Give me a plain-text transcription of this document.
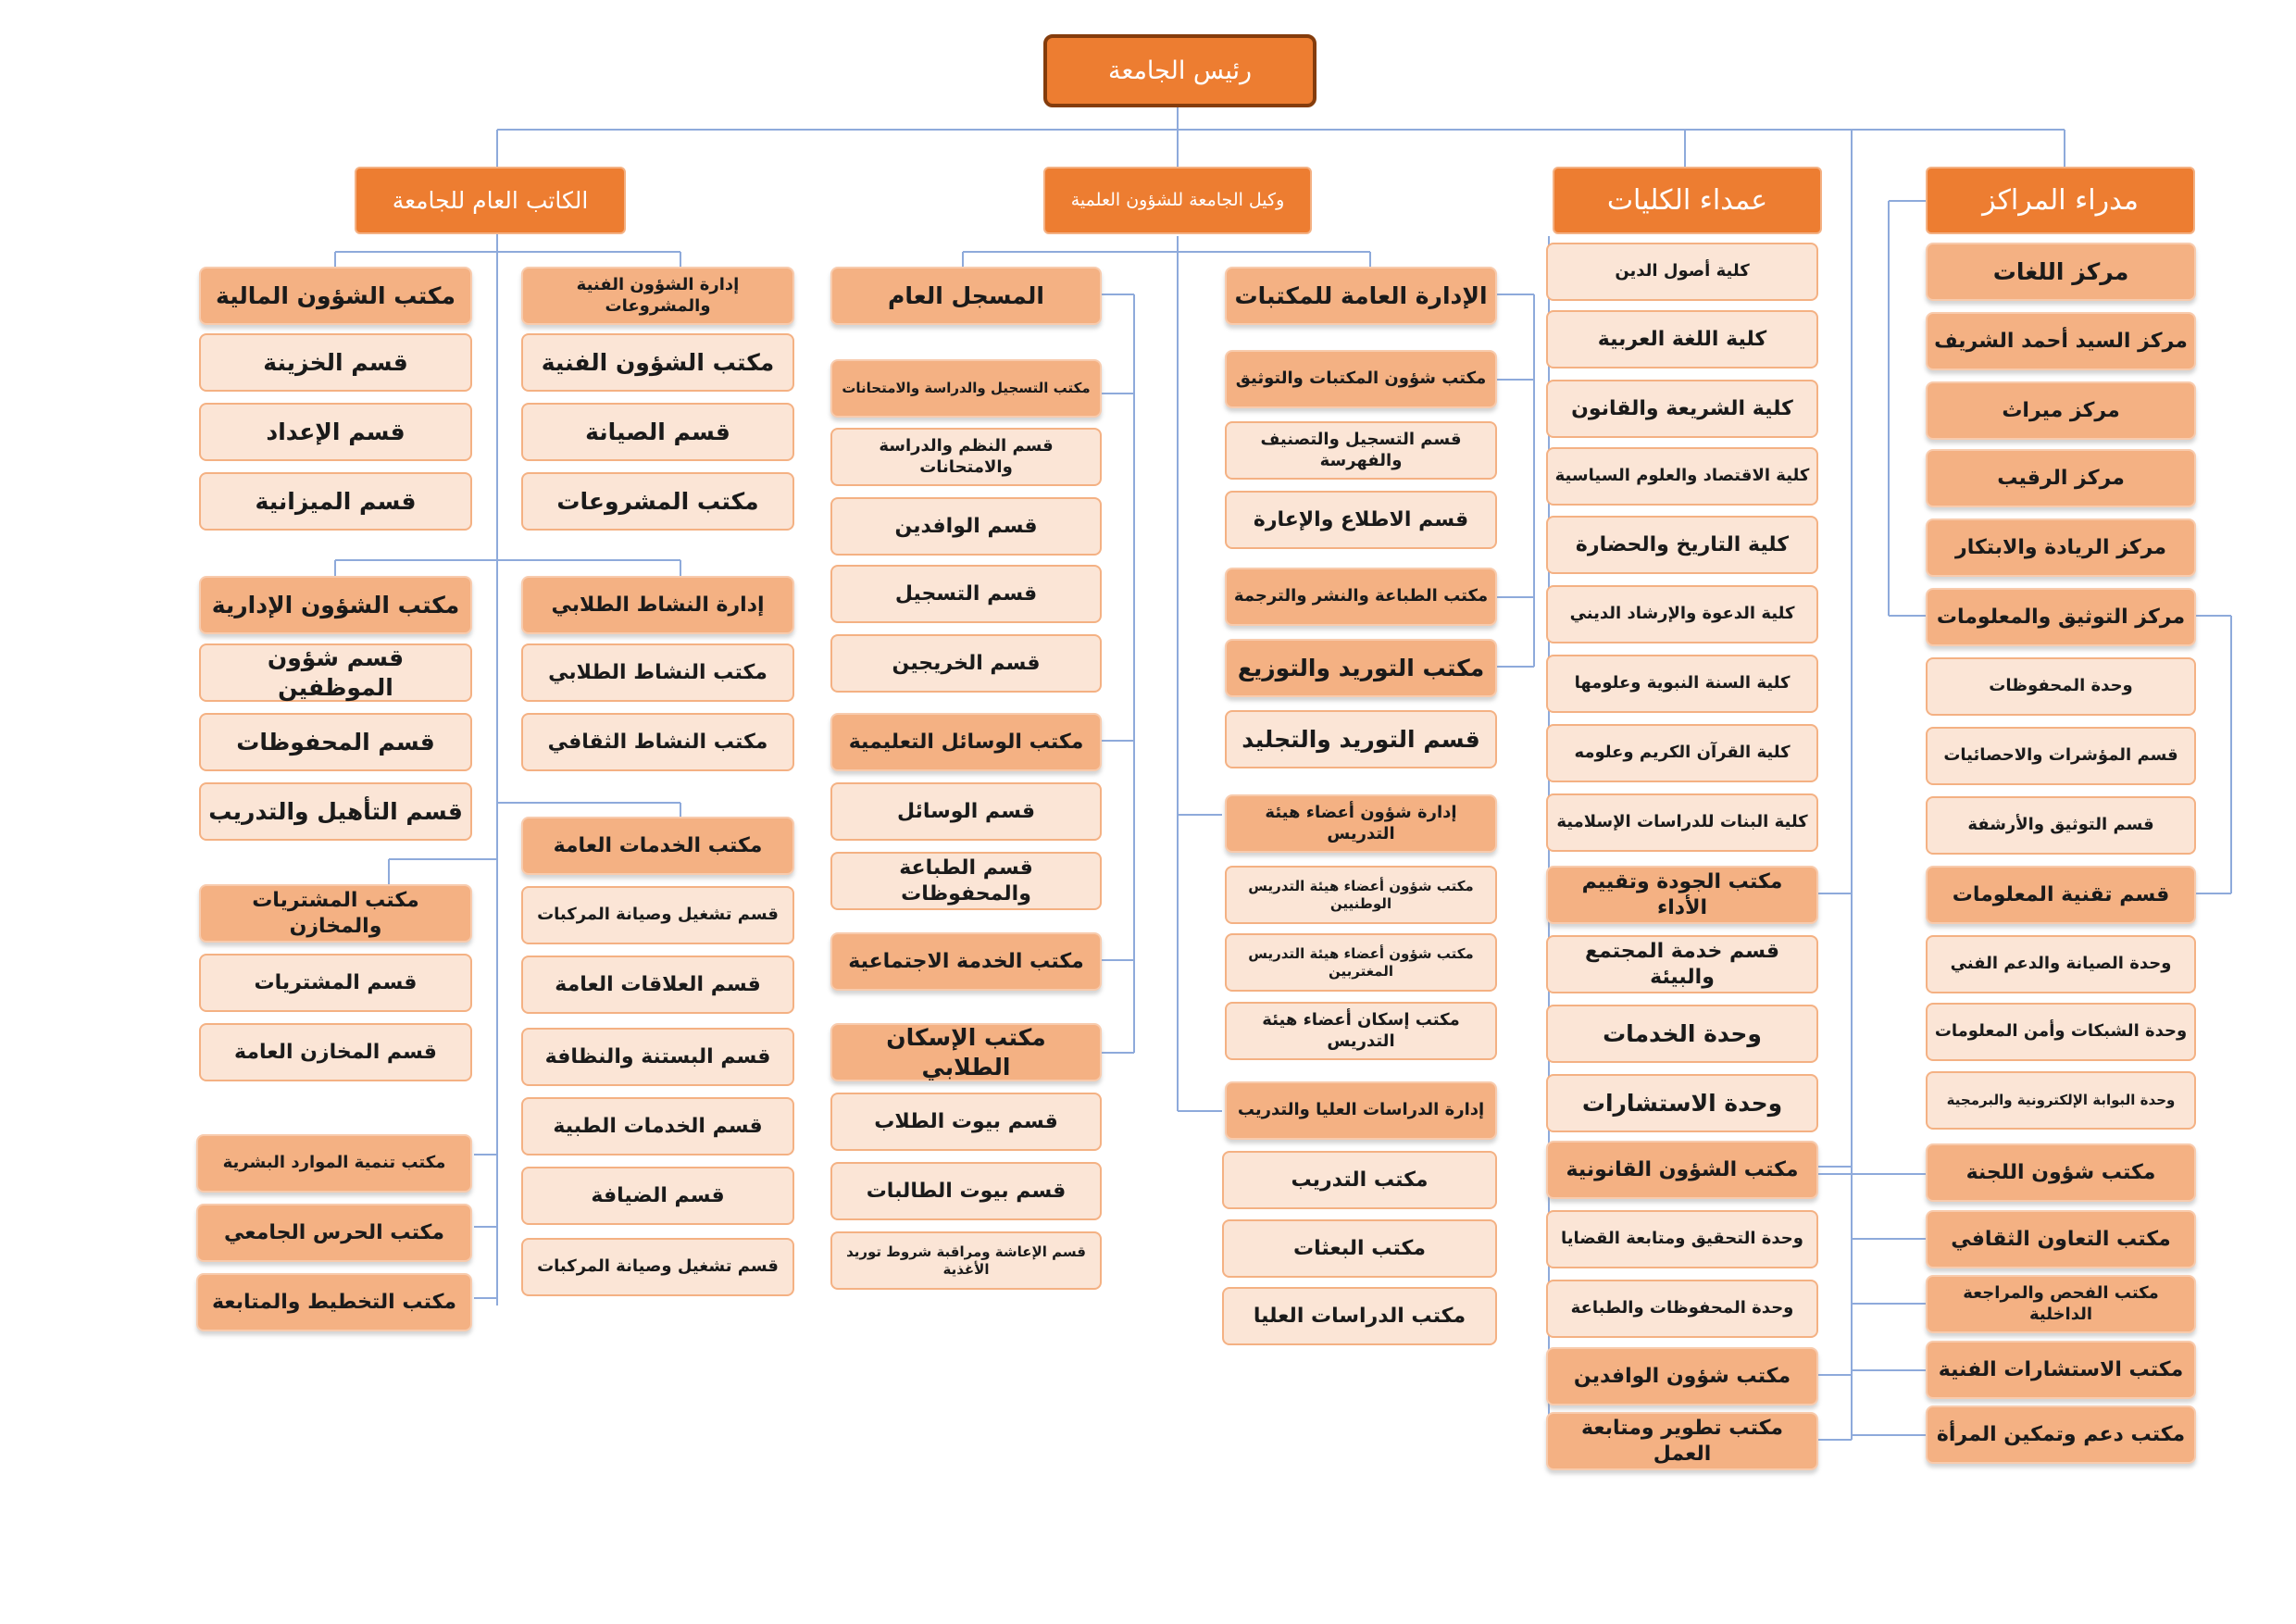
رئيس الجامعة
الكاتب العام للجامعة	وكيل الجامعة للشؤون العلمية	عمداء الكليات	مدراء المراكز
مكتب الشؤون المالية
قسم الخزينة
قسم الإعداد
قسم الميزانية
إدارة الشؤون الفنية والمشروعات
مكتب الشؤون الفنية
قسم الصيانة
مكتب المشروعات
مكتب الشؤون الإدارية
قسم شؤون الموظفين
قسم المحفوظات
قسم التأهيل والتدريب
إدارة النشاط الطلابي
مكتب النشاط الطلابي
مكتب النشاط الثقافي
مكتب المشتريات والمخازن
قسم المشتريات
قسم المخازن العامة
مكتب الخدمات العامة
قسم تشغيل وصيانة المركبات
قسم العلاقات العامة
قسم البستنة والنظافة
قسم الخدمات الطبية
قسم الضيافة
قسم تشغيل وصيانة المركبات
مكتب تنمية الموارد البشرية
مكتب الحرس الجامعي
مكتب التخطيط والمتابعة
المسجل العام
مكتب التسجيل والدراسة والامتحانات
قسم النظم والدراسة والامتحانات
قسم الوافدين
قسم التسجيل
قسم الخريجين
مكتب الوسائل التعليمية
قسم الوسائل
قسم الطباعة والمحفوظات
مكتب الخدمة الاجتماعية
مكتب الإسكان الطلابي
قسم بيوت الطلاب
قسم بيوت الطالبات
قسم الإعاشة ومراقبة شروط توريد الأغذية
الإدارة العامة للمكتبات
مكتب شؤون المكتبات والتوثيق
قسم التسجيل والتصنيف والفهرسة
قسم الاطلاع والإعارة
مكتب الطباعة والنشر والترجمة
مكتب التوريد والتوزيع
قسم التوريد والتجليد
إدارة شؤون أعضاء هيئة التدريس
مكتب شؤون أعضاء هيئة التدريس الوطنيين
مكتب شؤون أعضاء هيئة التدريس المغتربين
مكتب إسكان أعضاء هيئة التدريس
إدارة الدراسات العليا والتدريب
مكتب التدريب
مكتب البعثات
مكتب الدراسات العليا
كلية أصول الدين
كلية اللغة العربية
كلية الشريعة والقانون
كلية الاقتصاد والعلوم السياسية
كلية التاريخ والحضارة
كلية الدعوة والإرشاد الديني
كلية السنة النبوية وعلومها
كلية القرآن الكريم وعلومه
كلية البنات للدراسات الإسلامية
مكتب الجودة وتقييم الأداء
قسم خدمة المجتمع والبيئة
وحدة الخدمات
وحدة الاستشارات
مكتب الشؤون القانونية
وحدة التحقيق ومتابعة القضايا
وحدة المحفوظات والطباعة
مكتب شؤون الوافدين
مكتب تطوير ومتابعة العمل
مركز اللغات
مركز السيد أحمد الشريف
مركز ميراث
مركز الرقيب
مركز الريادة والابتكار
مركز التوثيق والمعلومات
وحدة المحفوظات
قسم المؤشرات والاحصائيات
قسم التوثيق والأرشفة
قسم تقنية المعلومات
وحدة الصيانة والدعم الفني
وحدة الشبكات وأمن المعلومات
وحدة البوابة الإلكترونية والبرمجية
مكتب شؤون اللجنة
مكتب التعاون الثقافي
مكتب الفحص والمراجعة الداخلية
مكتب الاستشارات الفنية
مكتب دعم وتمكين المرأة
